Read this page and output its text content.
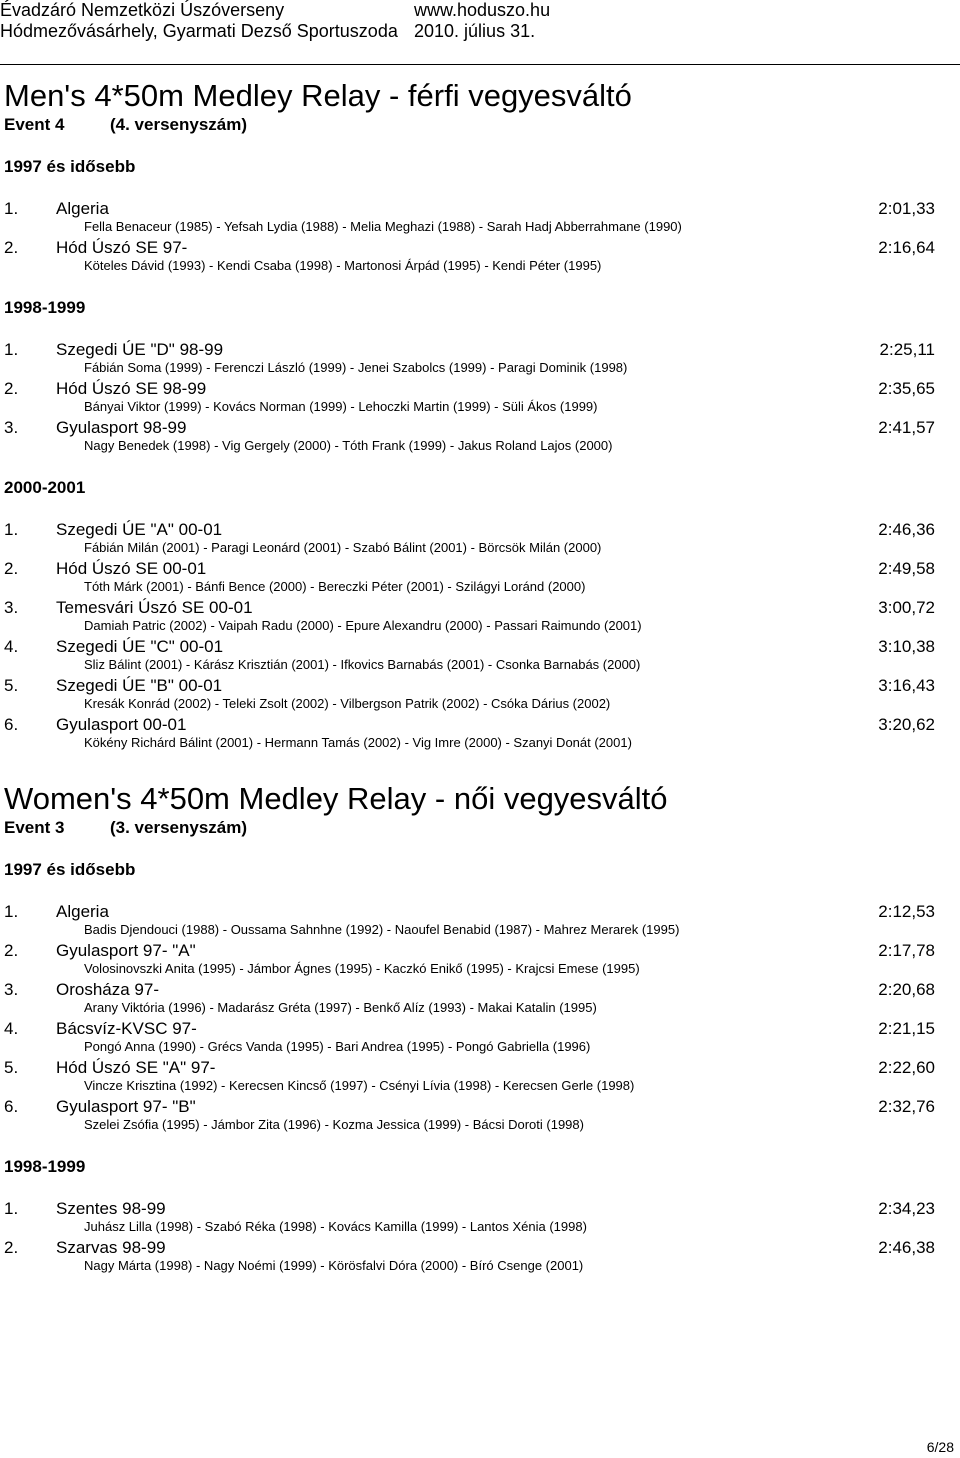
Évadzáró Nemzetközi Úszóverseny	www.hoduszo.hu
Hódmezővásárhely, Gyarmati Dezső Sportuszoda 2010. július 31.
Men's 4*50m Medley Relay - férfi vegyesváltó
Event 4	(4. versenyszám)
1997 és idősebb
1. Algeria	2:01,33
Fella Benaceur (1985) - Yefsah Lydia (1988) - Melia Meghazi (1988) - Sarah Hadj Abberrahmane (1990)
2. Hód Úszó SE 97-	2:16,64
Köteles Dávid (1993) - Kendi Csaba (1998) - Martonosi Árpád (1995) - Kendi Péter (1995)
1998-1999
1. Szegedi ÚE "D" 98-99	2:25,11
Fábián Soma (1999) - Ferenczi László (1999) - Jenei Szabolcs (1999) - Paragi Dominik (1998)
2. Hód Úszó SE 98-99	2:35,65
Bányai Viktor (1999) - Kovács Norman (1999) - Lehoczki Martin (1999) - Süli Ákos (1999)
3. Gyulasport 98-99	2:41,57
Nagy Benedek (1998) - Vig Gergely (2000) - Tóth Frank (1999) - Jakus Roland Lajos (2000)
2000-2001
1. Szegedi ÚE "A" 00-01	2:46,36
Fábián Milán (2001) - Paragi Leonárd (2001) - Szabó Bálint (2001) - Börcsök Milán (2000)
2. Hód Úszó SE 00-01	2:49,58
Tóth Márk (2001) - Bánfi Bence (2000) - Bereczki Péter (2001) - Szilágyi Loránd (2000)
3. Temesvári Úszó SE 00-01	3:00,72
Damiah Patric (2002) - Vaipah Radu (2000) - Epure Alexandru (2000) - Passari Raimundo (2001)
4. Szegedi ÚE "C" 00-01	3:10,38
Sliz Bálint (2001) - Kárász Krisztián (2001) - Ifkovics Barnabás (2001) - Csonka Barnabás (2000)
5. Szegedi ÚE "B" 00-01	3:16,43
Kresák Konrád (2002) - Teleki Zsolt (2002) - Vilbergson Patrik (2002) - Csóka Dárius (2002)
6. Gyulasport 00-01	3:20,62
Kökény Richárd Bálint (2001) - Hermann Tamás (2002) - Vig Imre (2000) - Szanyi Donát (2001)
Women's 4*50m Medley Relay - női vegyesváltó
Event 3	(3. versenyszám)
1997 és idősebb
1. Algeria	2:12,53
Badis Djendouci (1988) - Oussama Sahnhne (1992) - Naoufel Benabid (1987) - Mahrez Merarek (1995)
2. Gyulasport 97- "A"	2:17,78
Volosinovszki Anita (1995) - Jámbor Ágnes (1995) - Kaczkó Enikő (1995) - Krajcsi Emese (1995)
3. Orosháza 97-	2:20,68
Arany Viktória (1996) - Madarász Gréta (1997) - Benkő Alíz (1993) - Makai Katalin (1995)
4. Bácsvíz-KVSC 97-	2:21,15
Pongó Anna (1990) - Grécs Vanda (1995) - Bari Andrea (1995) - Pongó Gabriella (1996)
5. Hód Úszó SE "A" 97-	2:22,60
Vincze Krisztina (1992) - Kerecsen Kincső (1997) - Csényi Lívia (1998) - Kerecsen Gerle (1998)
6. Gyulasport 97- "B"	2:32,76
Szelei Zsófia (1995) - Jámbor Zita (1996) - Kozma Jessica (1999) - Bácsi Doroti (1998)
1998-1999
1. Szentes 98-99	2:34,23
Juhász Lilla (1998) - Szabó Réka (1998) - Kovács Kamilla (1999) - Lantos Xénia (1998)
2. Szarvas 98-99	2:46,38
Nagy Márta (1998) - Nagy Noémi (1999) - Körösfalvi Dóra (2000) - Bíró Csenge (2001)
6/28
